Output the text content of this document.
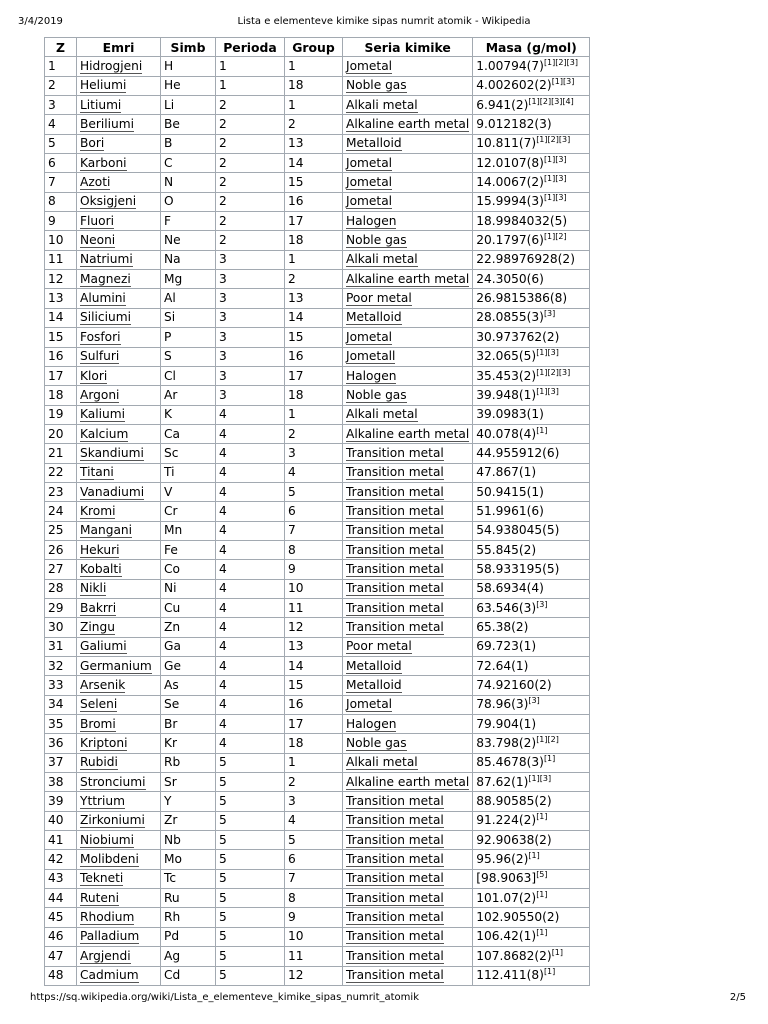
3/4/2019	Lista e elementeve kimike sipas numrit atomik - Wikipedia
Z	Emri	Simb	Perioda	Group	Seria kimike	Masa (g/mol)
1	Hidrogjeni	H	1	1	Jometal	1.00794(7)[1][2][3]
2	Heliumi	He	1	18	Noble gas	4.002602(2)[1][3]
3	Litiumi	Li	2	1	Alkali metal	6.941(2)[1][2][3][4]
4	Beriliumi	Be	2	2	Alkaline earth metal	9.012182(3)
5	Bori	B	2	13	Metalloid	10.811(7)[1][2][3]
6	Karboni	C	2	14	Jometal	12.0107(8)[1][3]
7	Azoti	N	2	15	Jometal	14.0067(2)[1][3]
8	Oksigjeni	O	2	16	Jometal	15.9994(3)[1][3]
9	Fluori	F	2	17	Halogen	18.9984032(5)
10	Neoni	Ne	2	18	Noble gas	20.1797(6)[1][2]
11	Natriumi	Na	3	1	Alkali metal	22.98976928(2)
12	Magnezi	Mg	3	2	Alkaline earth metal	24.3050(6)
13	Alumini	Al	3	13	Poor metal	26.9815386(8)
14	Siliciumi	Si	3	14	Metalloid	28.0855(3)[3]
15	Fosfori	P	3	15	Jometal	30.973762(2)
16	Sulfuri	S	3	16	Jometall	32.065(5)[1][3]
17	Klori	Cl	3	17	Halogen	35.453(2)[1][2][3]
18	Argoni	Ar	3	18	Noble gas	39.948(1)[1][3]
19	Kaliumi	K	4	1	Alkali metal	39.0983(1)
20	Kalcium	Ca	4	2	Alkaline earth metal	40.078(4)[1]
21	Skandiumi	Sc	4	3	Transition metal	44.955912(6)
22	Titani	Ti	4	4	Transition metal	47.867(1)
23	Vanadiumi	V	4	5	Transition metal	50.9415(1)
24	Kromi	Cr	4	6	Transition metal	51.9961(6)
25	Mangani	Mn	4	7	Transition metal	54.938045(5)
26	Hekuri	Fe	4	8	Transition metal	55.845(2)
27	Kobalti	Co	4	9	Transition metal	58.933195(5)
28	Nikli	Ni	4	10	Transition metal	58.6934(4)
29	Bakrri	Cu	4	11	Transition metal	63.546(3)[3]
30	Zingu	Zn	4	12	Transition metal	65.38(2)
31	Galiumi	Ga	4	13	Poor metal	69.723(1)
32	Germanium	Ge	4	14	Metalloid	72.64(1)
33	Arsenik	As	4	15	Metalloid	74.92160(2)
34	Seleni	Se	4	16	Jometal	78.96(3)[3]
35	Bromi	Br	4	17	Halogen	79.904(1)
36	Kriptoni	Kr	4	18	Noble gas	83.798(2)[1][2]
37	Rubidi	Rb	5	1	Alkali metal	85.4678(3)[1]
38	Stronciumi	Sr	5	2	Alkaline earth metal	87.62(1)[1][3]
39	Yttrium	Y	5	3	Transition metal	88.90585(2)
40	Zirkoniumi	Zr	5	4	Transition metal	91.224(2)[1]
41	Niobiumi	Nb	5	5	Transition metal	92.90638(2)
42	Molibdeni	Mo	5	6	Transition metal	95.96(2)[1]
43	Tekneti	Tc	5	7	Transition metal	[98.9063][5]
44	Ruteni	Ru	5	8	Transition metal	101.07(2)[1]
45	Rhodium	Rh	5	9	Transition metal	102.90550(2)
46	Palladium	Pd	5	10	Transition metal	106.42(1)[1]
47	Argjendi	Ag	5	11	Transition metal	107.8682(2)[1]
48	Cadmium	Cd	5	12	Transition metal	112.411(8)[1]
https://sq.wikipedia.org/wiki/Lista_e_elementeve_kimike_sipas_numrit_atomik	2/5
